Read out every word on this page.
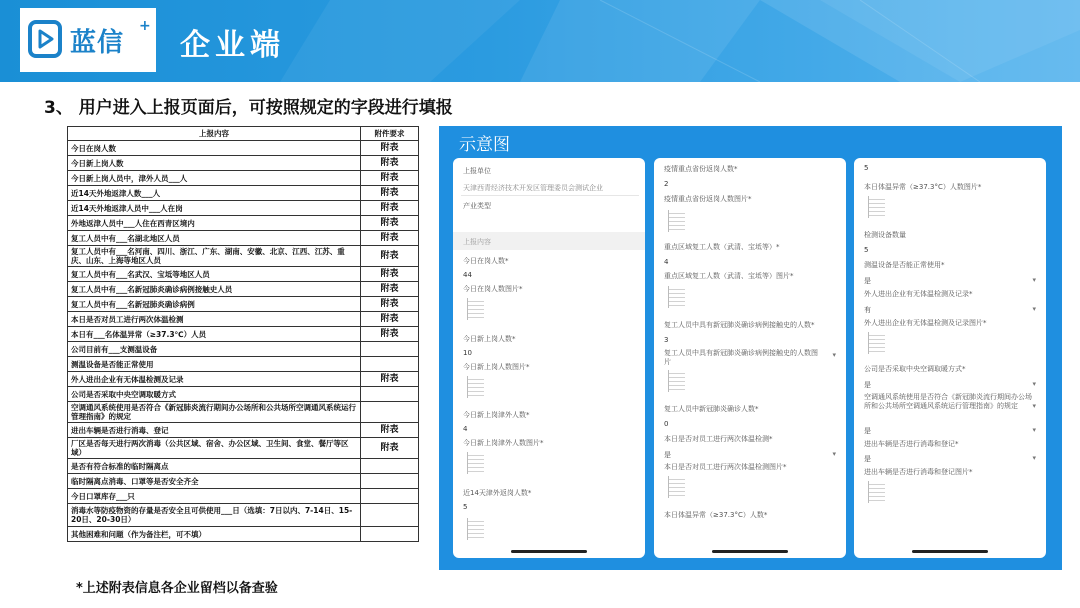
蓝信
+
企业端
3、 用户进入上报页面后，可按照规定的字段进行填报
上报内容	附件要求
今日在岗人数	附表
今日新上岗人数	附表
今日新上岗人员中，津外人员___人	附表
近14天外地返津人数___人	附表
近14天外地返津人员中___人在岗	附表
外地返津人员中___人住在西青区境内	附表
复工人员中有___名湖北地区人员	附表
复工人员中有___名河南、四川、浙江、广东、湖南、安徽、北京、江西、江苏、重庆、山东、上海等地区人员	附表
复工人员中有___名武汉、宝坻等地区人员	附表
复工人员中有___名新冠肺炎确诊病例接触史人员	附表
复工人员中有___名新冠肺炎确诊病例	附表
本日是否对员工进行两次体温检测	附表
本日有___名体温异常（≥37.3℃）人员	附表
公司目前有___支测温设备	
测温设备是否能正常使用	
外人进出企业有无体温检测及记录	附表
公司是否采取中央空调取暖方式	
空调通风系统使用是否符合《新冠肺炎流行期间办公场所和公共场所空调通风系统运行管理指南》的规定	
进出车辆是否进行消毒、登记	附表
厂区是否每天进行两次消毒（公共区域、宿舍、办公区域、卫生间、食堂、餐厅等区域）	附表
是否有符合标准的临时隔离点	
临时隔离点消毒、口罩等是否安全齐全	
今日口罩库存___只	
消毒水等防疫物资的存量是否安全且可供使用___日（选填：7日以内、7-14日、15-20日、20-30日）	
其他困难和问题（作为备注栏，可不填）	
*上述附表信息各企业留档以备查验
示意图
上报单位
天津西青经济技术开发区管理委员会测试企业
产业类型
上报内容
今日在岗人数*
44
今日在岗人数图片*
今日新上岗人数*
10
今日新上岗人数图片*
今日新上岗津外人数*
4
今日新上岗津外人数图片*
近14天津外返岗人数*
5
疫情重点省份返岗人数*
2
疫情重点省份返岗人数图片*
重点区域复工人数（武清、宝坻等）*
4
重点区域复工人数（武清、宝坻等）图片*
复工人员中具有新冠肺炎确诊病例接触史的人数*
3
复工人员中具有新冠肺炎确诊病例接触史的人数图片
▾
复工人员中新冠肺炎确诊人数*
0
本日是否对员工进行两次体温检测*
是	▾
本日是否对员工进行两次体温检测图片*
本日体温异常（≥37.3°C）人数*
5
本日体温异常（≥37.3°C）人数图片*
检测设备数量
5
测温设备是否能正常使用*
是	▾
外人进出企业有无体温检测及记录*
有	▾
外人进出企业有无体温检测及记录图片*
公司是否采取中央空调取暖方式*
是	▾
空调通风系统使用是否符合《新冠肺炎流行期间办公场所和公共场所空调通风系统运行管理指南》的规定	▾
是	▾
进出车辆是否进行消毒和登记*
是	▾
进出车辆是否进行消毒和登记图片*
